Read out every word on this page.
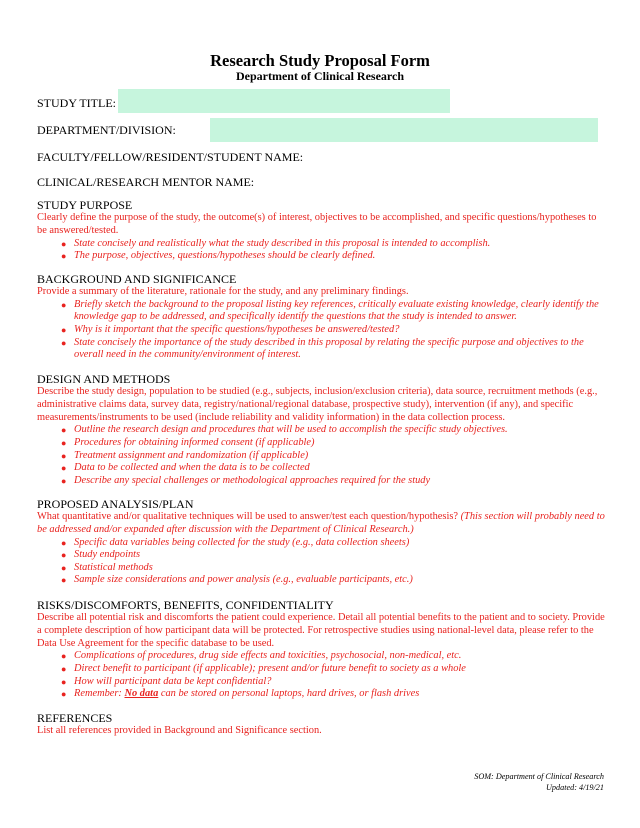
Research Study Proposal Form
Department of Clinical Research
STUDY TITLE:
DEPARTMENT/DIVISION:
FACULTY/FELLOW/RESIDENT/STUDENT NAME:
CLINICAL/RESEARCH MENTOR NAME:
STUDY PURPOSE
Clearly define the purpose of the study, the outcome(s) of interest, objectives to be accomplished, and specific questions/hypotheses to be answered/tested.
● State concisely and realistically what the study described in this proposal is intended to accomplish.
● The purpose, objectives, questions/hypotheses should be clearly defined.
BACKGROUND AND SIGNIFICANCE
Provide a summary of the literature, rationale for the study, and any preliminary findings.
● Briefly sketch the background to the proposal listing key references, critically evaluate existing knowledge, clearly identify the knowledge gap to be addressed, and specifically identify the questions that the study is intended to answer.
● Why is it important that the specific questions/hypotheses be answered/tested?
● State concisely the importance of the study described in this proposal by relating the specific purpose and objectives to the overall need in the community/environment of interest.
DESIGN AND METHODS
Describe the study design, population to be studied (e.g., subjects, inclusion/exclusion criteria), data source, recruitment methods (e.g., administrative claims data, survey data, registry/national/regional database, prospective study), intervention (if any), and specific measurements/instruments to be used (include reliability and validity information) in the data collection process.
● Outline the research design and procedures that will be used to accomplish the specific study objectives.
● Procedures for obtaining informed consent (if applicable)
● Treatment assignment and randomization (if applicable)
● Data to be collected and when the data is to be collected
● Describe any special challenges or methodological approaches required for the study
PROPOSED ANALYSIS/PLAN
What quantitative and/or qualitative techniques will be used to answer/test each question/hypothesis? (This section will probably need to be addressed and/or expanded after discussion with the Department of Clinical Research.)
● Specific data variables being collected for the study (e.g., data collection sheets)
● Study endpoints
● Statistical methods
● Sample size considerations and power analysis (e.g., evaluable participants, etc.)
RISKS/DISCOMFORTS, BENEFITS, CONFIDENTIALITY
Describe all potential risk and discomforts the patient could experience. Detail all potential benefits to the patient and to society. Provide a complete description of how participant data will be protected. For retrospective studies using national-level data, please refer to the Data Use Agreement for the specific database to be used.
● Complications of procedures, drug side effects and toxicities, psychosocial, non-medical, etc.
● Direct benefit to participant (if applicable); present and/or future benefit to society as a whole
● How will participant data be kept confidential?
● Remember: No data can be stored on personal laptops, hard drives, or flash drives
REFERENCES
List all references provided in Background and Significance section.
SOM: Department of Clinical Research
Updated: 4/19/21
